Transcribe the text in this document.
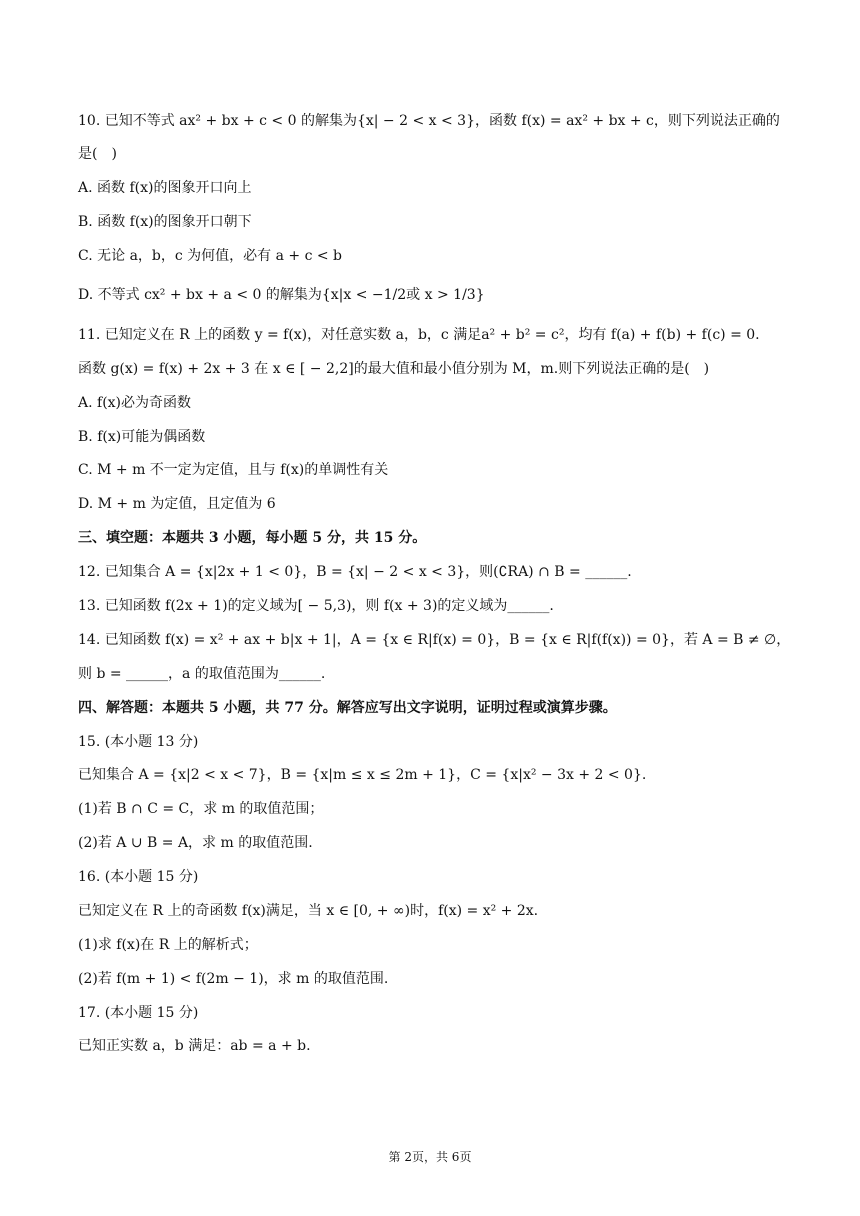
10. 已知不等式 ax² + bx + c < 0 的解集为{x| − 2 < x < 3}，函数 f(x) = ax² + bx + c，则下列说法正确的
是(　)
A. 函数 f(x)的图象开口向上
B. 函数 f(x)的图象开口朝下
C. 无论 a，b，c 为何值，必有 a + c < b
D. 不等式 cx² + bx + a < 0 的解集为{x|x < −1/2或 x > 1/3}
11. 已知定义在 R 上的函数 y = f(x)，对任意实数 a，b，c 满足a² + b² = c²，均有 f(a) + f(b) + f(c) = 0.
函数 g(x) = f(x) + 2x + 3 在 x ∈ [ − 2,2]的最大值和最小值分别为 M，m.则下列说法正确的是(　)
A. f(x)必为奇函数
B. f(x)可能为偶函数
C. M + m 不一定为定值，且与 f(x)的单调性有关
D. M + m 为定值，且定值为 6
三、填空题：本题共 3 小题，每小题 5 分，共 15 分。
12. 已知集合 A = {x|2x + 1 < 0}，B = {x| − 2 < x < 3}，则(∁RA) ∩ B = ______.
13. 已知函数 f(2x + 1)的定义域为[ − 5,3)，则 f(x + 3)的定义域为______.
14. 已知函数 f(x) = x² + ax + b|x + 1|，A = {x ∈ R|f(x) = 0}，B = {x ∈ R|f(f(x)) = 0}，若 A = B ≠ ∅，
则 b = ______，a 的取值范围为______.
四、解答题：本题共 5 小题，共 77 分。解答应写出文字说明，证明过程或演算步骤。
15. (本小题 13 分)
已知集合 A = {x|2 < x < 7}，B = {x|m ≤ x ≤ 2m + 1}，C = {x|x² − 3x + 2 < 0}.
(1)若 B ∩ C = C，求 m 的取值范围；
(2)若 A ∪ B = A，求 m 的取值范围.
16. (本小题 15 分)
已知定义在 R 上的奇函数 f(x)满足，当 x ∈ [0, + ∞)时，f(x) = x² + 2x.
(1)求 f(x)在 R 上的解析式；
(2)若 f(m + 1) < f(2m − 1)，求 m 的取值范围.
17. (本小题 15 分)
已知正实数 a，b 满足：ab = a + b.
第 2页，共 6页
